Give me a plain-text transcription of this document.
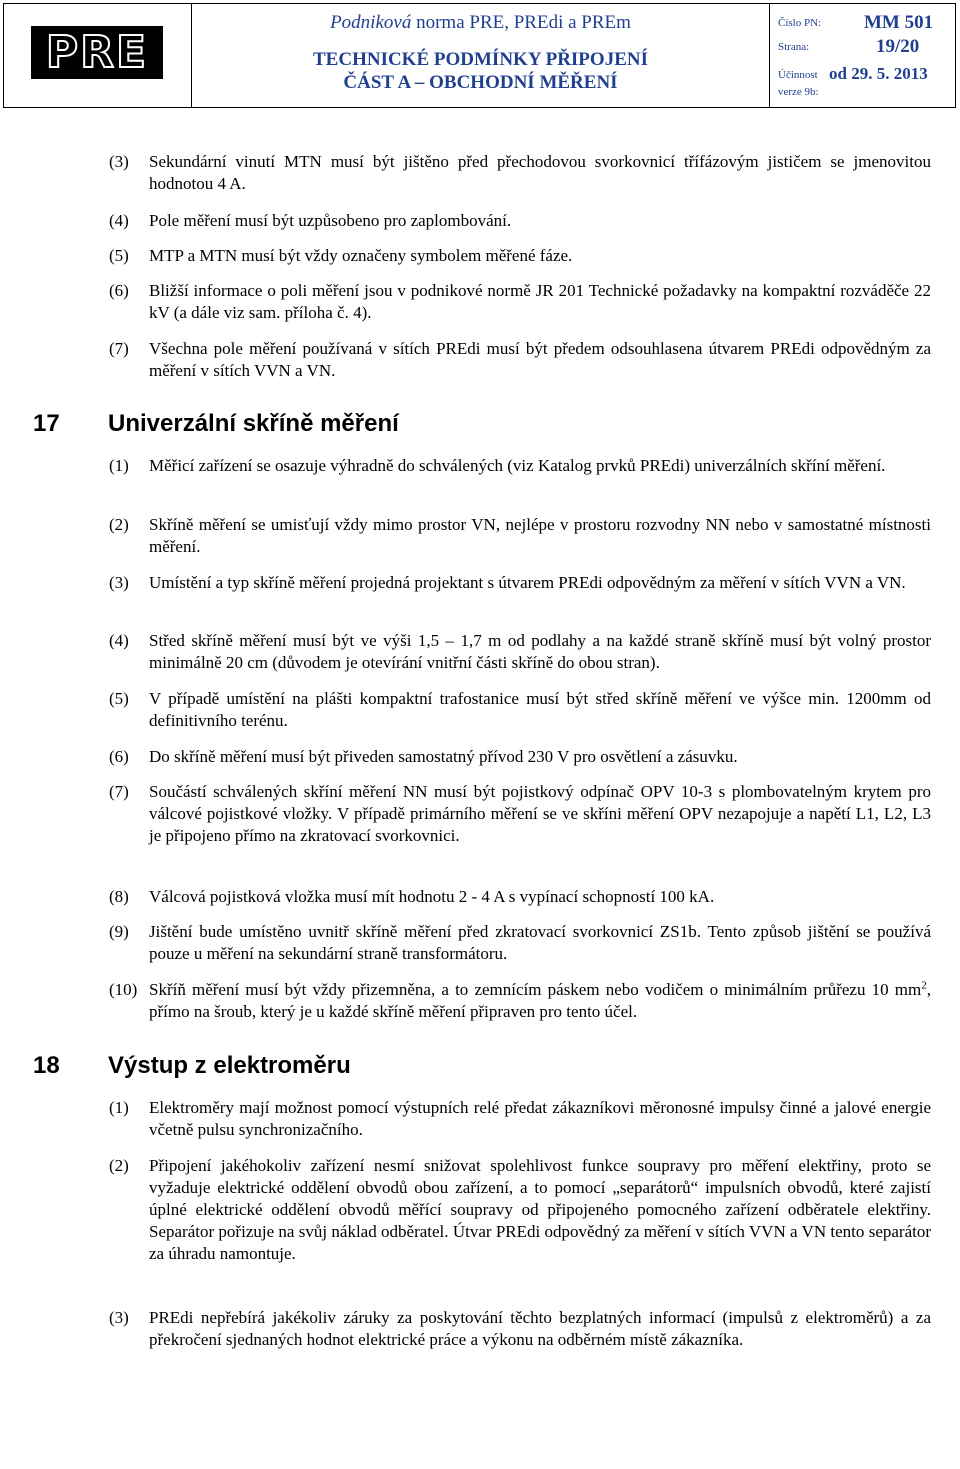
PRE
Podniková norma PRE, PREdi a PREm
TECHNICKÉ PODMÍNKY PŘIPOJENÍ
ČÁST A – OBCHODNÍ MĚŘENÍ
Číslo PN: MM 501
Strana:	19/20
Účinnost od 29. 5. 2013
verze 9b:
(3) Sekundární vinutí MTN musí být jištěno před přechodovou svorkovnicí třífázovým jističem se jmenovitou hodnotou 4 A.
(4) Pole měření musí být uzpůsobeno pro zaplombování.
(5) MTP a MTN musí být vždy označeny symbolem měřené fáze.
(6) Bližší informace o poli měření jsou v podnikové normě JR 201 Technické požadavky na kompaktní rozváděče 22 kV (a dále viz sam. příloha č. 4).
(7) Všechna pole měření používaná v sítích PREdi musí být předem odsouhlasena útvarem PREdi odpovědným za měření v sítích VVN a VN.
17 Univerzální skříně měření
(1) Měřicí zařízení se osazuje výhradně do schválených (viz Katalog prvků PREdi) univerzálních skříní měření.
(2) Skříně měření se umisťují vždy mimo prostor VN, nejlépe v prostoru rozvodny NN nebo v samostatné místnosti měření.
(3) Umístění a typ skříně měření projedná projektant s útvarem PREdi odpovědným za měření v sítích VVN a VN.
(4) Střed skříně měření musí být ve výši 1,5 – 1,7 m od podlahy a na každé straně skříně musí být volný prostor minimálně 20 cm (důvodem je otevírání vnitřní části skříně do obou stran).
(5) V případě umístění na plášti kompaktní trafostanice musí být střed skříně měření ve výšce min. 1200mm od definitivního terénu.
(6) Do skříně měření musí být přiveden samostatný přívod 230 V pro osvětlení a zásuvku.
(7) Součástí schválených skříní měření NN musí být pojistkový odpínač OPV 10-3 s plombovatelným krytem pro válcové pojistkové vložky. V případě primárního měření se ve skříni měření OPV nezapojuje a napětí L1, L2, L3 je připojeno přímo na zkratovací svorkovnici.
(8) Válcová pojistková vložka musí mít hodnotu 2 - 4 A s vypínací schopností 100 kA.
(9) Jištění bude umístěno uvnitř skříně měření před zkratovací svorkovnicí ZS1b. Tento způsob jištění se používá pouze u měření na sekundární straně transformátoru.
(10) Skříň měření musí být vždy přizemněna, a to zemnícím páskem nebo vodičem o minimálním průřezu 10 $mm^2$, přímo na šroub, který je u každé skříně měření připraven pro tento účel.
18 Výstup z elektroměru
(1) Elektroměry mají možnost pomocí výstupních relé předat zákazníkovi měronosné impulsy činné a jalové energie včetně pulsu synchronizačního.
(2) Připojení jakéhokoliv zařízení nesmí snižovat spolehlivost funkce soupravy pro měření elektřiny, proto se vyžaduje elektrické oddělení obvodů obou zařízení, a to pomocí „separátorů“ impulsních obvodů, které zajistí úplné elektrické oddělení obvodů měřící soupravy od připojeného pomocného zařízení odběratele elektřiny. Separátor pořizuje na svůj náklad odběratel. Útvar PREdi odpovědný za měření v sítích VVN a VN tento separátor za úhradu namontuje.
(3) PREdi nepřebírá jakékoliv záruky za poskytování těchto bezplatných informací (impulsů z elektroměrů) a za překročení sjednaných hodnot elektrické práce a výkonu na odběrném místě zákazníka.
